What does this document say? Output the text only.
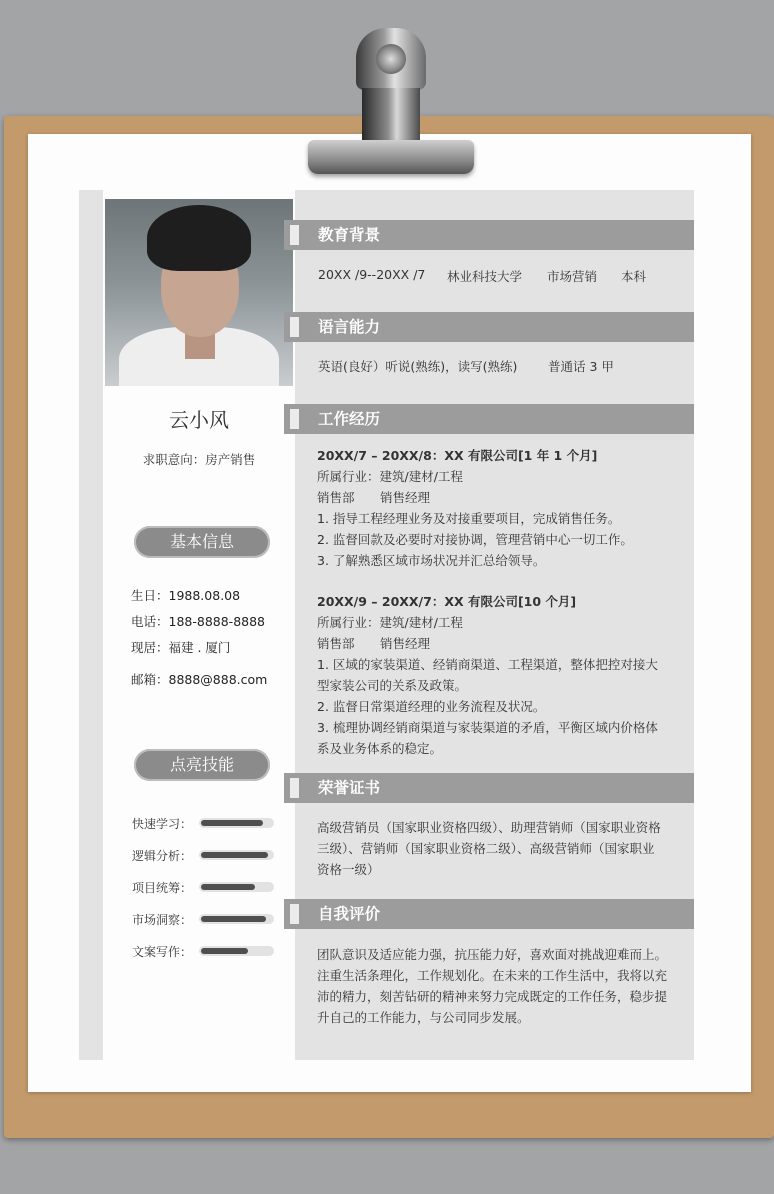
云小风
求职意向：房产销售
基本信息
生日：1988.08.08
电话：188-8888-8888
现居：福建 . 厦门
邮箱：8888@888.com
点亮技能
快速学习：
逻辑分析：
项目统筹：
市场洞察：
文案写作：
教育背景
20XX /9--20XX /7 林业科技大学 市场营销 本科
语言能力
英语(良好）听说(熟练)，读写(熟练) 普通话 3 甲
工作经历
20XX/7 – 20XX/8：XX 有限公司[1 年 1 个月]
所属行业：建筑/建材/工程
销售部 销售经理
1. 指导工程经理业务及对接重要项目，完成销售任务。
2. 监督回款及必要时对接协调，管理营销中心一切工作。
3. 了解熟悉区域市场状况并汇总给领导。
20XX/9 – 20XX/7：XX 有限公司[10 个月]
所属行业：建筑/建材/工程
销售部 销售经理
1. 区域的家装渠道、经销商渠道、工程渠道，整体把控对接大
型家装公司的关系及政策。
2. 监督日常渠道经理的业务流程及状况。
3. 梳理协调经销商渠道与家装渠道的矛盾，平衡区域内价格体
系及业务体系的稳定。
荣誉证书
高级营销员（国家职业资格四级）、助理营销师（国家职业资格
三级）、营销师（国家职业资格二级）、高级营销师（国家职业
资格一级）
自我评价
团队意识及适应能力强，抗压能力好，喜欢面对挑战迎难而上。
注重生活条理化，工作规划化。在未来的工作生活中，我将以充
沛的精力，刻苦钻研的精神来努力完成既定的工作任务，稳步提
升自己的工作能力，与公司同步发展。
